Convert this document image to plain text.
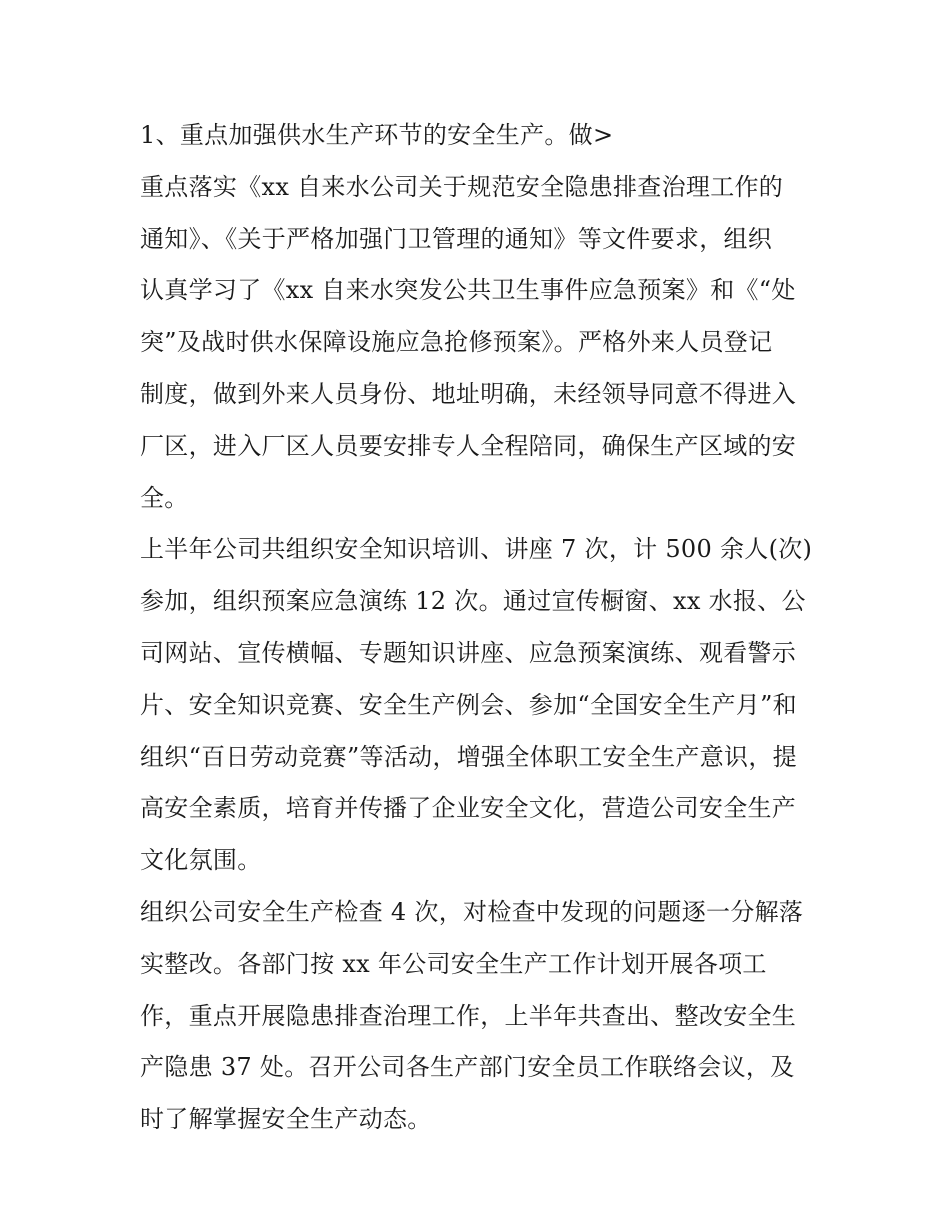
1、重点加强供水生产环节的安全生产。做>
重点落实《xx 自来水公司关于规范安全隐患排查治理工作的
通知》、《关于严格加强门卫管理的通知》等文件要求，组织
认真学习了《xx 自来水突发公共卫生事件应急预案》和《“处
突”及战时供水保障设施应急抢修预案》。严格外来人员登记
制度，做到外来人员身份、地址明确，未经领导同意不得进入
厂区，进入厂区人员要安排专人全程陪同，确保生产区域的安
全。
上半年公司共组织安全知识培训、讲座 7 次，计 500 余人(次)
参加，组织预案应急演练 12 次。通过宣传橱窗、xx 水报、公
司网站、宣传横幅、专题知识讲座、应急预案演练、观看警示
片、安全知识竞赛、安全生产例会、参加“全国安全生产月”和
组织“百日劳动竞赛”等活动，增强全体职工安全生产意识，提
高安全素质，培育并传播了企业安全文化，营造公司安全生产
文化氛围。
组织公司安全生产检查 4 次，对检查中发现的问题逐一分解落
实整改。各部门按 xx 年公司安全生产工作计划开展各项工
作，重点开展隐患排查治理工作，上半年共查出、整改安全生
产隐患 37 处。召开公司各生产部门安全员工作联络会议，及
时了解掌握安全生产动态。
